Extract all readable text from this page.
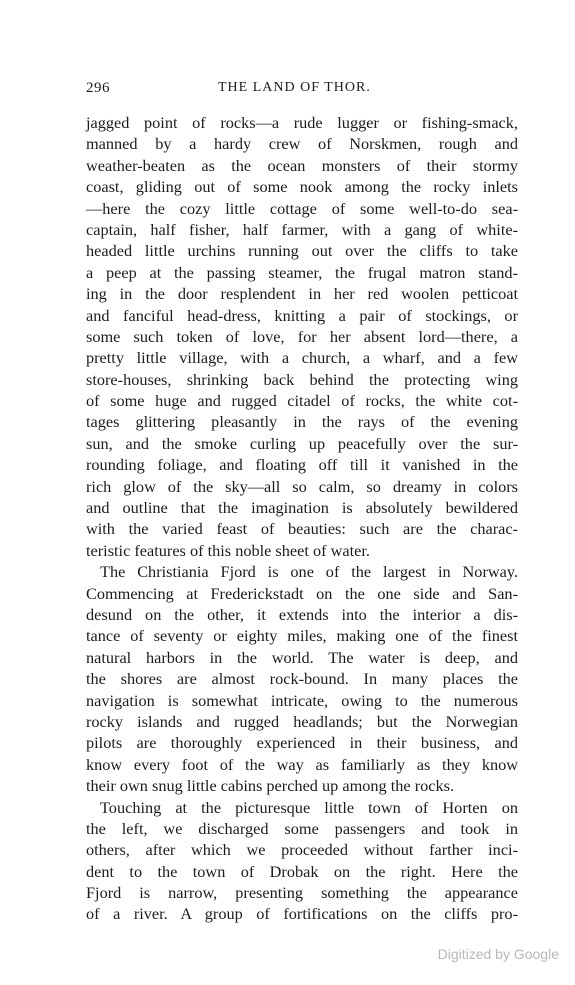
296	THE LAND OF THOR.
jagged point of rocks—a rude lugger or fishing-smack,
manned by a hardy crew of Norskmen, rough and
weather-beaten as the ocean monsters of their stormy
coast, gliding out of some nook among the rocky inlets
—here the cozy little cottage of some well-to-do sea-
captain, half fisher, half farmer, with a gang of white-
headed little urchins running out over the cliffs to take
a peep at the passing steamer, the frugal matron stand-
ing in the door resplendent in her red woolen petticoat
and fanciful head-dress, knitting a pair of stockings, or
some such token of love, for her absent lord—there, a
pretty little village, with a church, a wharf, and a few
store-houses, shrinking back behind the protecting wing
of some huge and rugged citadel of rocks, the white cot-
tages glittering pleasantly in the rays of the evening
sun, and the smoke curling up peacefully over the sur-
rounding foliage, and floating off till it vanished in the
rich glow of the sky—all so calm, so dreamy in colors
and outline that the imagination is absolutely bewildered
with the varied feast of beauties: such are the charac-
teristic features of this noble sheet of water.
The Christiania Fjord is one of the largest in Norway.
Commencing at Frederickstadt on the one side and San-
desund on the other, it extends into the interior a dis-
tance of seventy or eighty miles, making one of the finest
natural harbors in the world. The water is deep, and
the shores are almost rock-bound. In many places the
navigation is somewhat intricate, owing to the numerous
rocky islands and rugged headlands; but the Norwegian
pilots are thoroughly experienced in their business, and
know every foot of the way as familiarly as they know
their own snug little cabins perched up among the rocks.
Touching at the picturesque little town of Horten on
the left, we discharged some passengers and took in
others, after which we proceeded without farther inci-
dent to the town of Drobak on the right. Here the
Fjord is narrow, presenting something the appearance
of a river. A group of fortifications on the cliffs pro-
Digitized by Google
